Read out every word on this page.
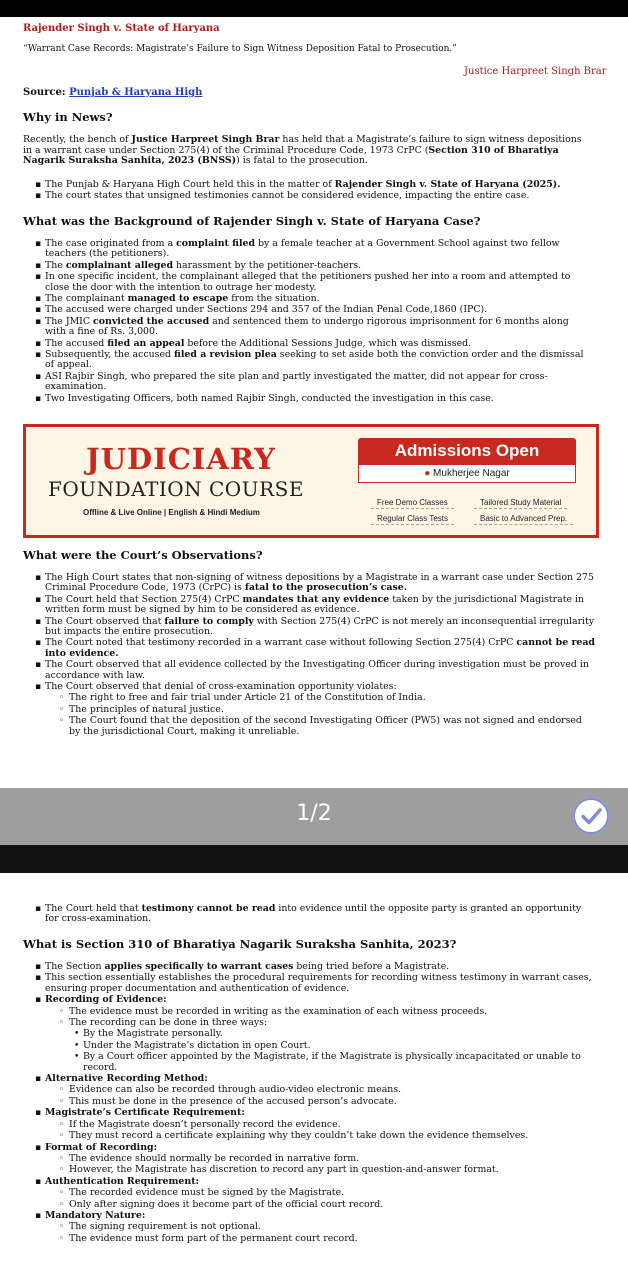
Rajender Singh v. State of Haryana
“Warrant Case Records: Magistrate’s Failure to Sign Witness Deposition Fatal to Prosecution.”
Justice Harpreet Singh Brar
Source: Punjab & Haryana High
Why in News?
Recently, the bench of Justice Harpreet Singh Brar has held that a Magistrate’s failure to sign witness depositions in a warrant case under Section 275(4) of the Criminal Procedure Code, 1973 CrPC (Section 310 of Bharatiya Nagarik Suraksha Sanhita, 2023 (BNSS)) is fatal to the prosecution.
▪ The Punjab & Haryana High Court held this in the matter of Rajender Singh v. State of Haryana (2025).
▪ The court states that unsigned testimonies cannot be considered evidence, impacting the entire case.
What was the Background of Rajender Singh v. State of Haryana Case?
▪ The case originated from a complaint filed by a female teacher at a Government School against two fellow teachers (the petitioners).
▪ The complainant alleged harassment by the petitioner-teachers.
▪ In one specific incident, the complainant alleged that the petitioners pushed her into a room and attempted to close the door with the intention to outrage her modesty.
▪ The complainant managed to escape from the situation.
▪ The accused were charged under Sections 294 and 357 of the Indian Penal Code,1860 (IPC).
▪ The JMIC convicted the accused and sentenced them to undergo rigorous imprisonment for 6 months along with a fine of Rs. 3,000.
▪ The accused filed an appeal before the Additional Sessions Judge, which was dismissed.
▪ Subsequently, the accused filed a revision plea seeking to set aside both the conviction order and the dismissal of appeal.
▪ ASI Rajbir Singh, who prepared the site plan and partly investigated the matter, did not appear for cross-examination.
▪ Two Investigating Officers, both named Rajbir Singh, conducted the investigation in this case.
What were the Court’s Observations?
▪ The High Court states that non-signing of witness depositions by a Magistrate in a warrant case under Section 275 Criminal Procedure Code, 1973 (CrPC) is fatal to the prosecution’s case.
▪ The Court held that Section 275(4) CrPC mandates that any evidence taken by the jurisdictional Magistrate in written form must be signed by him to be considered as evidence.
▪ The Court observed that failure to comply with Section 275(4) CrPC is not merely an inconsequential irregularity but impacts the entire prosecution.
▪ The Court noted that testimony recorded in a warrant case without following Section 275(4) CrPC cannot be read into evidence.
▪ The Court observed that all evidence collected by the Investigating Officer during investigation must be proved in accordance with law.
▪ The Court observed that denial of cross-examination opportunity violates:
◦ The right to free and fair trial under Article 21 of the Constitution of India.
◦ The principles of natural justice.
◦ The Court found that the deposition of the second Investigating Officer (PW5) was not signed and endorsed by the jurisdictional Court, making it unreliable.
JUDICIARY
FOUNDATION COURSE
Offline & Live Online | English & Hindi Medium
Admissions Open
● Mukherjee Nagar
Free Demo Classes	Tailored Study Material
Regular Class Tests	Basic to Advanced Prep.
1/2
▪ The Court held that testimony cannot be read into evidence until the opposite party is granted an opportunity for cross-examination.
What is Section 310 of Bharatiya Nagarik Suraksha Sanhita, 2023?
▪ The Section applies specifically to warrant cases being tried before a Magistrate.
▪ This section essentially establishes the procedural requirements for recording witness testimony in warrant cases, ensuring proper documentation and authentication of evidence.
▪ Recording of Evidence:
◦ The evidence must be recorded in writing as the examination of each witness proceeds.
◦ The recording can be done in three ways:
• By the Magistrate personally.
• Under the Magistrate’s dictation in open Court.
• By a Court officer appointed by the Magistrate, if the Magistrate is physically incapacitated or unable to record.
▪ Alternative Recording Method:
◦ Evidence can also be recorded through audio-video electronic means.
◦ This must be done in the presence of the accused person’s advocate.
▪ Magistrate’s Certificate Requirement:
◦ If the Magistrate doesn’t personally record the evidence.
◦ They must record a certificate explaining why they couldn’t take down the evidence themselves.
▪ Format of Recording:
◦ The evidence should normally be recorded in narrative form.
◦ However, the Magistrate has discretion to record any part in question-and-answer format.
▪ Authentication Requirement:
◦ The recorded evidence must be signed by the Magistrate.
◦ Only after signing does it become part of the official court record.
▪ Mandatory Nature:
◦ The signing requirement is not optional.
◦ The evidence must form part of the permanent court record.
